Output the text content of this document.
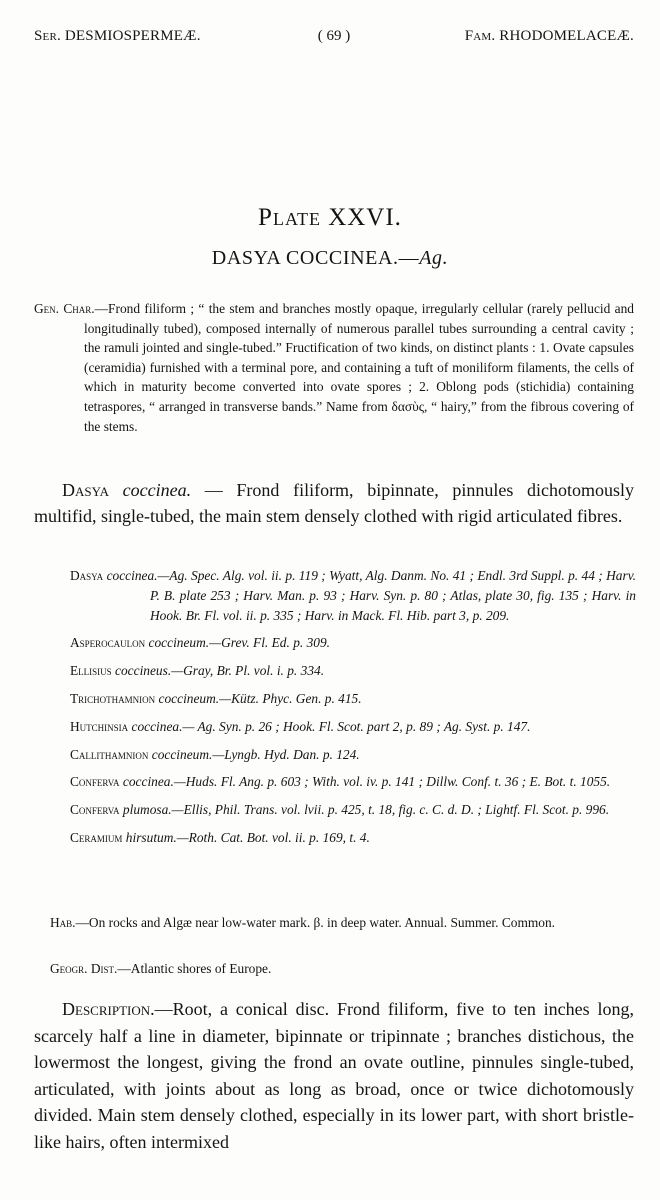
Ser. DESMIOSPERMEÆ.	( 69 )	Fam. RHODOMELACEÆ.
Plate XXVI.
DASYA COCCINEA.—Ag.
Gen. Char.—Frond filiform ; “ the stem and branches mostly opaque, irregularly cellular (rarely pellucid and longitudinally tubed), composed internally of numerous parallel tubes surrounding a central cavity ; the ramuli jointed and single-tubed.” Fructification of two kinds, on distinct plants : 1. Ovate capsules (ceramidia) furnished with a terminal pore, and containing a tuft of moniliform filaments, the cells of which in maturity become converted into ovate spores ; 2. Oblong pods (stichidia) containing tetraspores, “ arranged in transverse bands.” Name from δασὺς, “ hairy,” from the fibrous covering of the stems.
Dasya coccinea. — Frond filiform, bipinnate, pinnules dichotomously multifid, single-tubed, the main stem densely clothed with rigid articulated fibres.
Dasya coccinea.—Ag. Spec. Alg. vol. ii. p. 119 ; Wyatt, Alg. Danm. No. 41 ; Endl. 3rd Suppl. p. 44 ; Harv. P. B. plate 253 ; Harv. Man. p. 93 ; Harv. Syn. p. 80 ; Atlas, plate 30, fig. 135 ; Harv. in Hook. Br. Fl. vol. ii. p. 335 ; Harv. in Mack. Fl. Hib. part 3, p. 209.
Asperocaulon coccineum.—Grev. Fl. Ed. p. 309.
Ellisius coccineus.—Gray, Br. Pl. vol. i. p. 334.
Trichothamnion coccineum.—Kütz. Phyc. Gen. p. 415.
Hutchinsia coccinea.— Ag. Syn. p. 26 ; Hook. Fl. Scot. part 2, p. 89 ; Ag. Syst. p. 147.
Callithamnion coccineum.—Lyngb. Hyd. Dan. p. 124.
Conferva coccinea.—Huds. Fl. Ang. p. 603 ; With. vol. iv. p. 141 ; Dillw. Conf. t. 36 ; E. Bot. t. 1055.
Conferva plumosa.—Ellis, Phil. Trans. vol. lvii. p. 425, t. 18, fig. c. C. d. D. ; Lightf. Fl. Scot. p. 996.
Ceramium hirsutum.—Roth. Cat. Bot. vol. ii. p. 169, t. 4.
Hab.—On rocks and Algæ near low-water mark. β. in deep water. Annual. Summer. Common.
Geogr. Dist.—Atlantic shores of Europe.
Description.—Root, a conical disc. Frond filiform, five to ten inches long, scarcely half a line in diameter, bipinnate or tripinnate ; branches distichous, the lowermost the longest, giving the frond an ovate outline, pinnules single-tubed, articulated, with joints about as long as broad, once or twice dichotomously divided. Main stem densely clothed, especially in its lower part, with short bristle-like hairs, often intermixed
